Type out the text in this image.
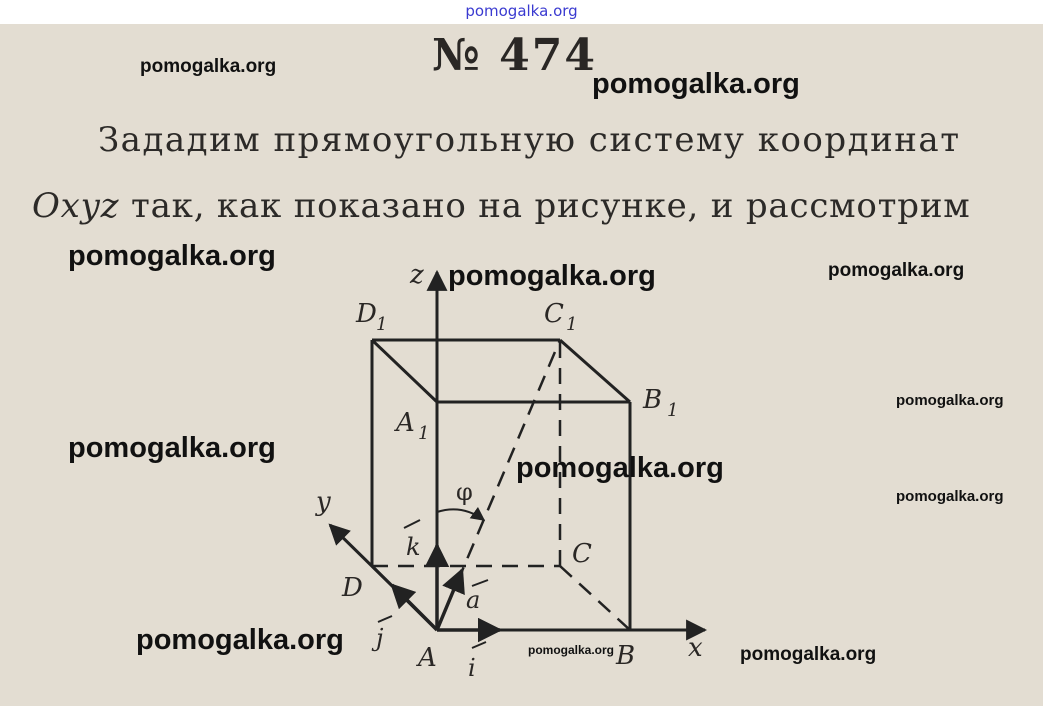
pomogalka.org
№ 474
Зададим прямоугольную систему координат
Oxyz так, как показано на рисунке, и рассмотрим
z
y
x
D 1	C 1
B 1
A 1
D
C
B
A
φ
k
a
j
i
pomogalka.org
pomogalka.org
pomogalka.org
pomogalka.org	pomogalka.org
pomogalka.org
pomogalka.org
pomogalka.org
pomogalka.org
pomogalka.org	pomogalka.org	pomogalka.org
